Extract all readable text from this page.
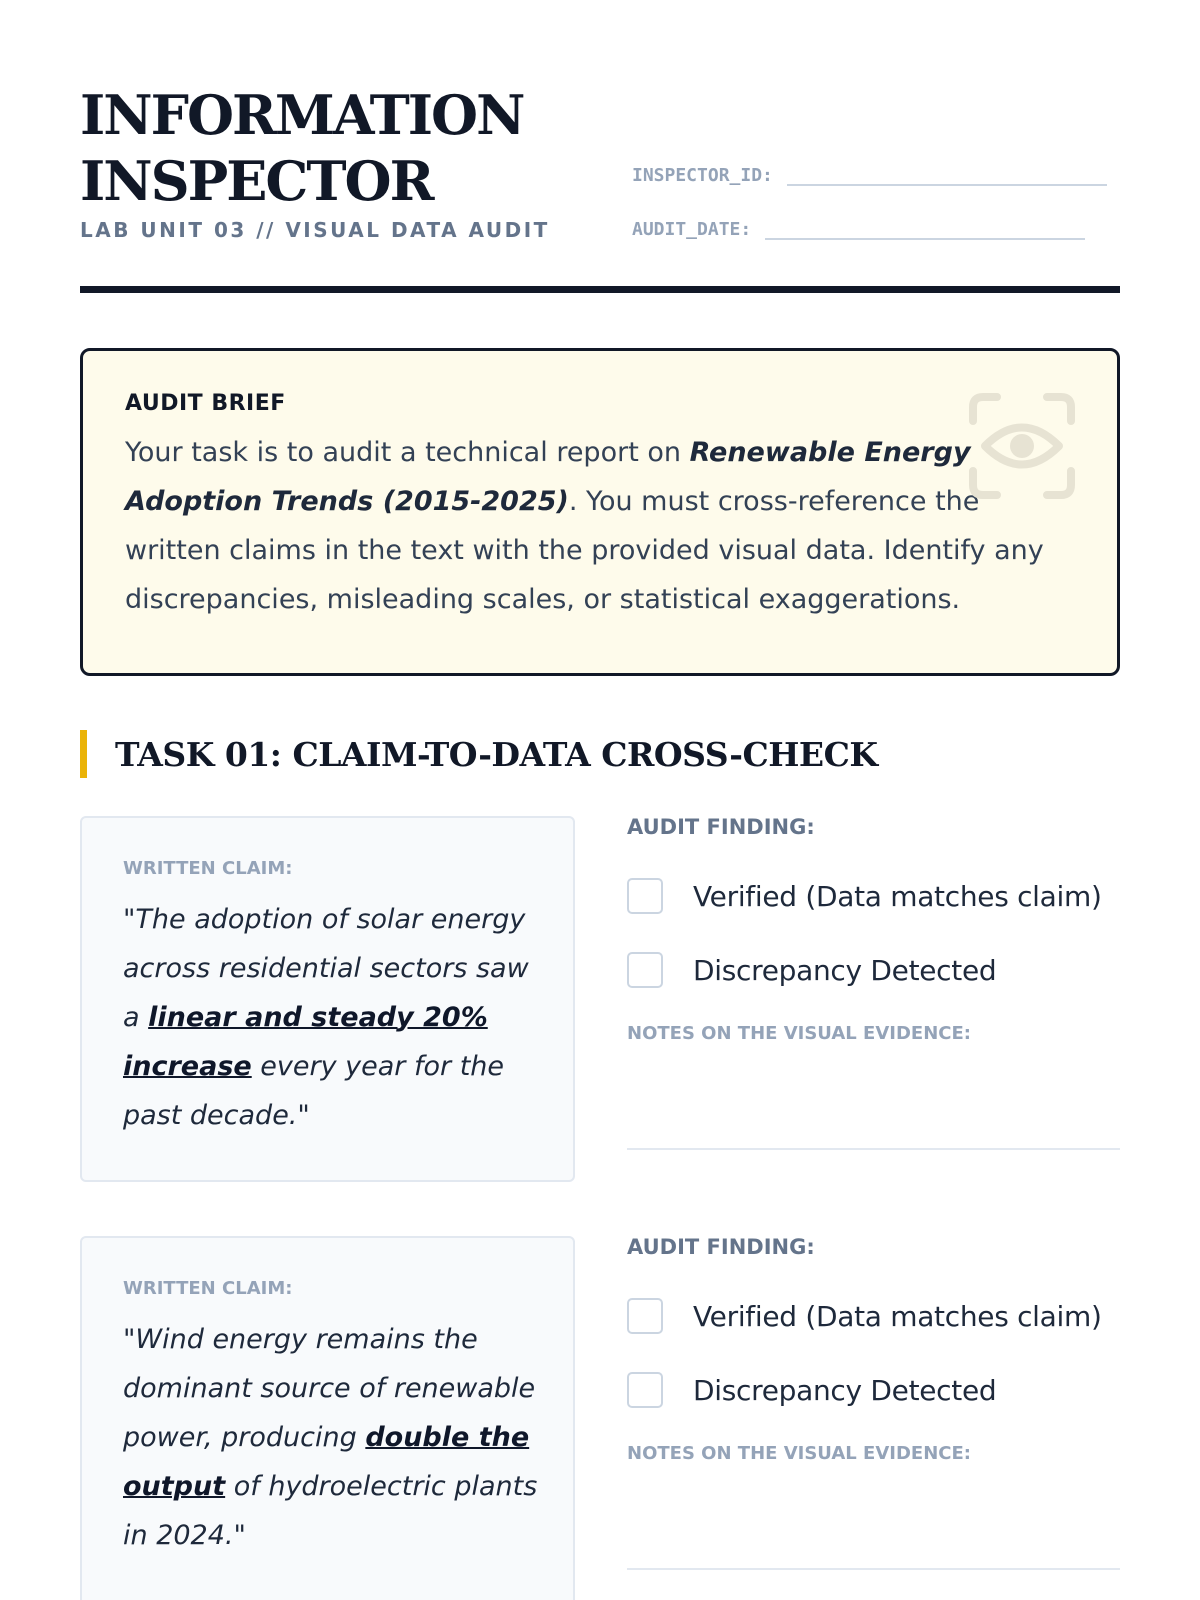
INFORMATION
INSPECTOR
LAB UNIT 03 // VISUAL DATA AUDIT
INSPECTOR_ID:
AUDIT_DATE:
AUDIT BRIEF
Your task is to audit a technical report on Renewable Energy Adoption Trends (2015-2025). You must cross-reference the written claims in the text with the provided visual data. Identify any discrepancies, misleading scales, or statistical exaggerations.
TASK 01: CLAIM-TO-DATA CROSS-CHECK
WRITTEN CLAIM:
"The adoption of solar energy across residential sectors saw a linear and steady 20% increase every year for the past decade."
AUDIT FINDING:
Verified (Data matches claim)
Discrepancy Detected
NOTES ON THE VISUAL EVIDENCE:
WRITTEN CLAIM:
"Wind energy remains the dominant source of renewable power, producing double the output of hydroelectric plants in 2024."
AUDIT FINDING:
Verified (Data matches claim)
Discrepancy Detected
NOTES ON THE VISUAL EVIDENCE:
